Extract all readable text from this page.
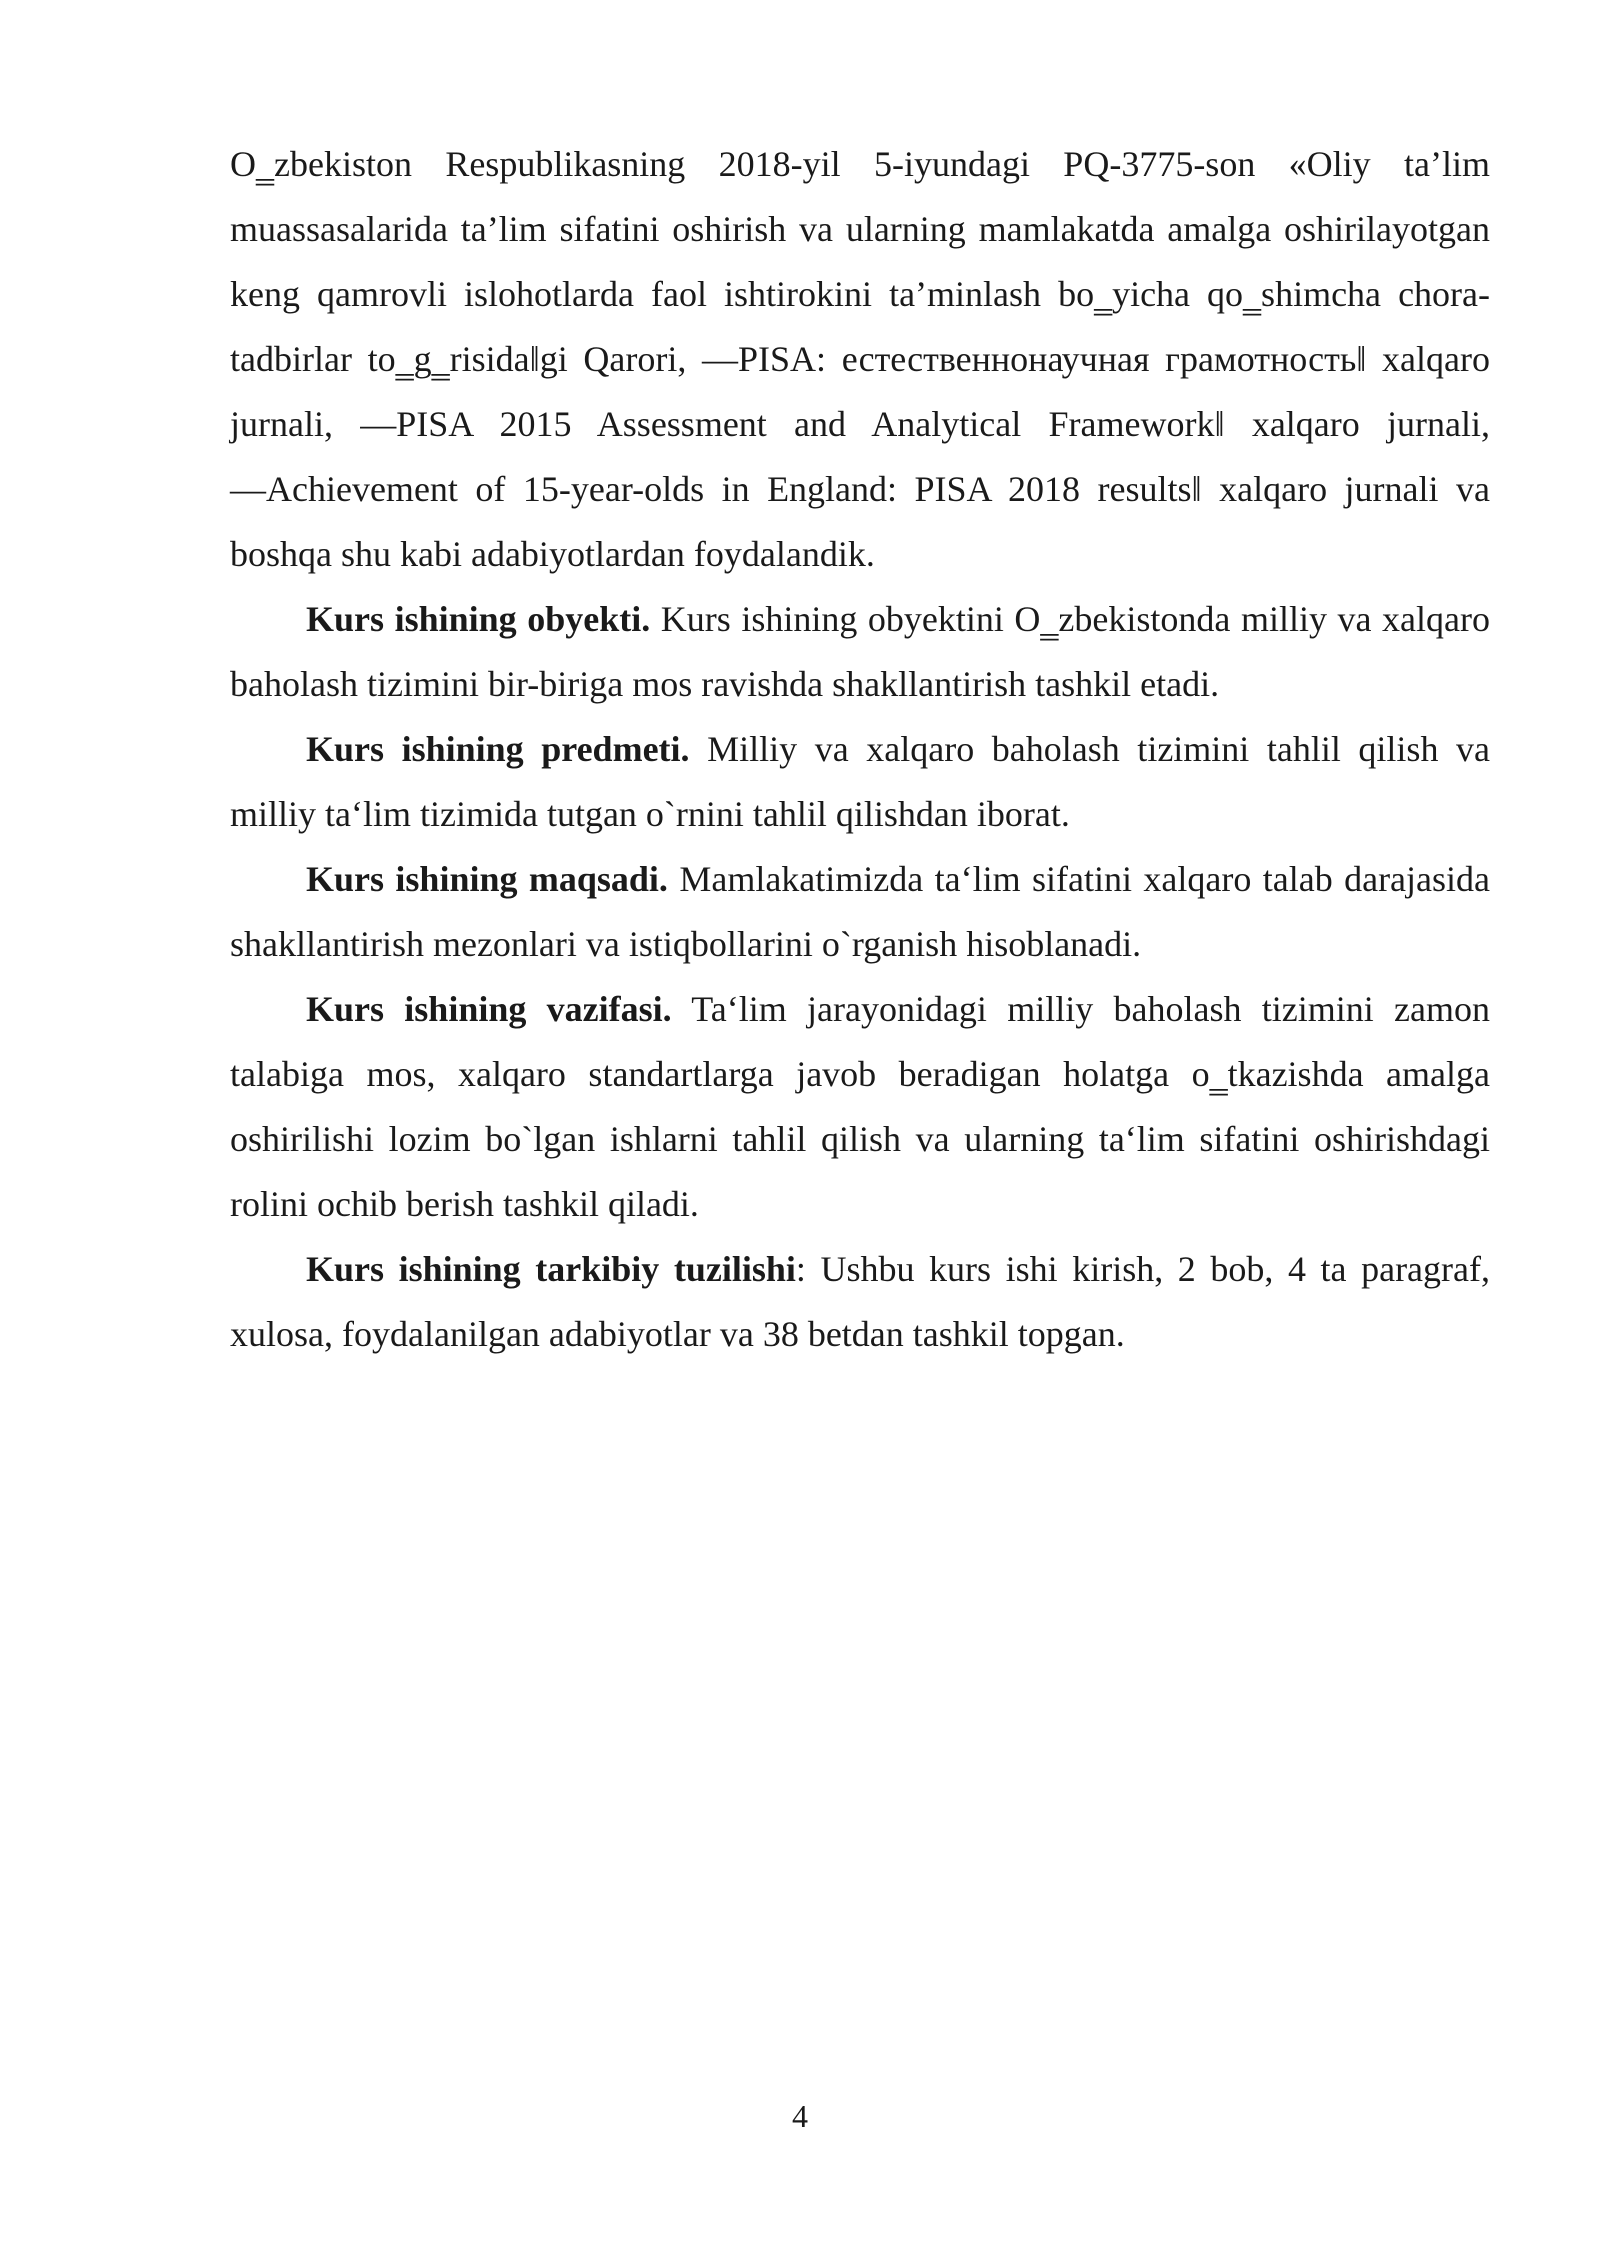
O‗zbekiston Respublikasning 2018-yil 5-iyundagi PQ-3775-son «Oliy ta’lim muassasalarida ta’lim sifatini oshirish va ularning mamlakatda amalga oshirilayotgan keng qamrovli islohotlarda faol ishtirokini ta’minlash bo‗yicha qo‗shimcha chora-tadbirlar to‗g‗risida‖gi Qarori, ―PISA: естественнонаучная грамотность‖ xalqaro jurnali, ―PISA 2015 Assessment and Analytical Framework‖ xalqaro jurnali, ―Achievement of 15-year-olds in England: PISA 2018 results‖ xalqaro jurnali va boshqa shu kabi adabiyotlardan foydalandik.

Kurs ishining obyekti. Kurs ishining obyektini O‗zbekistonda milliy va xalqaro baholash tizimini bir-biriga mos ravishda shakllantirish tashkil etadi.

Kurs ishining predmeti. Milliy va xalqaro baholash tizimini tahlil qilish va milliy ta‘lim tizimida tutgan o`rnini tahlil qilishdan iborat.

Kurs ishining maqsadi. Mamlakatimizda ta‘lim sifatini xalqaro talab darajasida shakllantirish mezonlari va istiqbollarini o`rganish hisoblanadi.

Kurs ishining vazifasi. Ta‘lim jarayonidagi milliy baholash tizimini zamon talabiga mos, xalqaro standartlarga javob beradigan holatga o‗tkazishda amalga oshirilishi lozim bo`lgan ishlarni tahlil qilish va ularning ta‘lim sifatini oshirishdagi rolini ochib berish tashkil qiladi.

Kurs ishining tarkibiy tuzilishi: Ushbu kurs ishi kirish, 2 bob, 4 ta paragraf, xulosa, foydalanilgan adabiyotlar va 38 betdan tashkil topgan.

4
